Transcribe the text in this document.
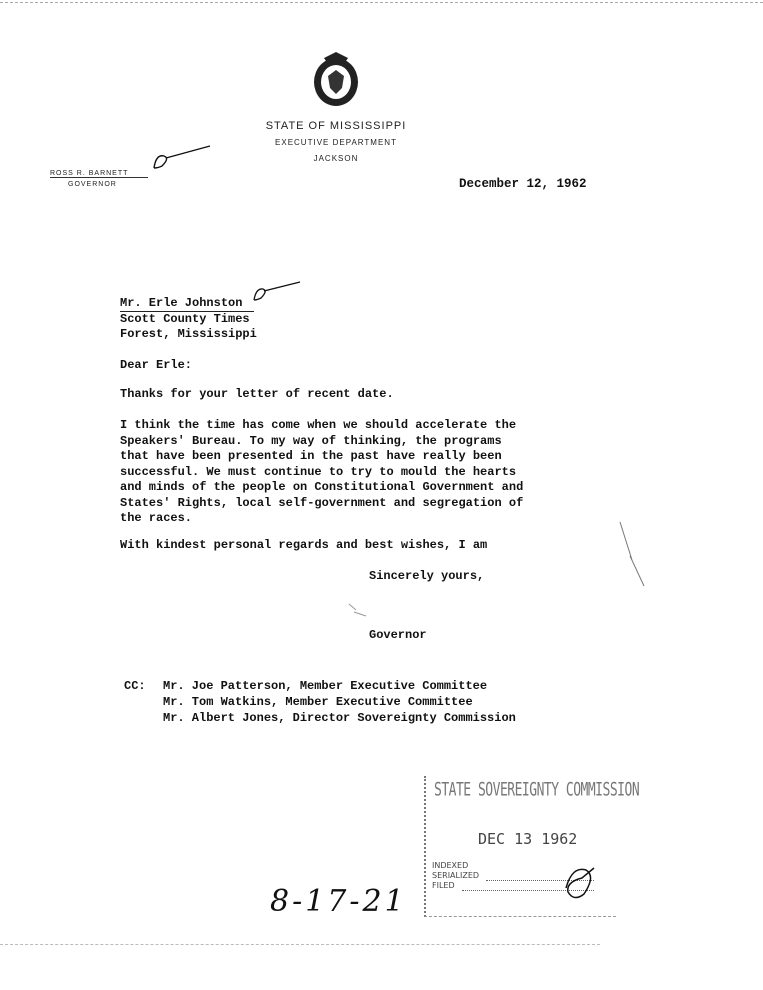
STATE OF MISSISSIPPI
EXECUTIVE DEPARTMENT
JACKSON
ROSS R. BARNETT
GOVERNOR	December 12, 1962
Mr. Erle Johnston
Scott County Times
Forest, Mississippi
Dear Erle:
Thanks for your letter of recent date.
I think the time has come when we should accelerate the
Speakers' Bureau. To my way of thinking, the programs
that have been presented in the past have really been
successful. We must continue to try to mould the hearts
and minds of the people on Constitutional Government and
States' Rights, local self-government and segregation of
the races.
With kindest personal regards and best wishes, I am
Sincerely yours,
Governor
CC: Mr. Joe Patterson, Member Executive Committee
Mr. Tom Watkins, Member Executive Committee
Mr. Albert Jones, Director Sovereignty Commission
STATE SOVEREIGNTY COMMISSION
DEC 13 1962
INDEXED
SERIALIZED
FILED
8-17-21
